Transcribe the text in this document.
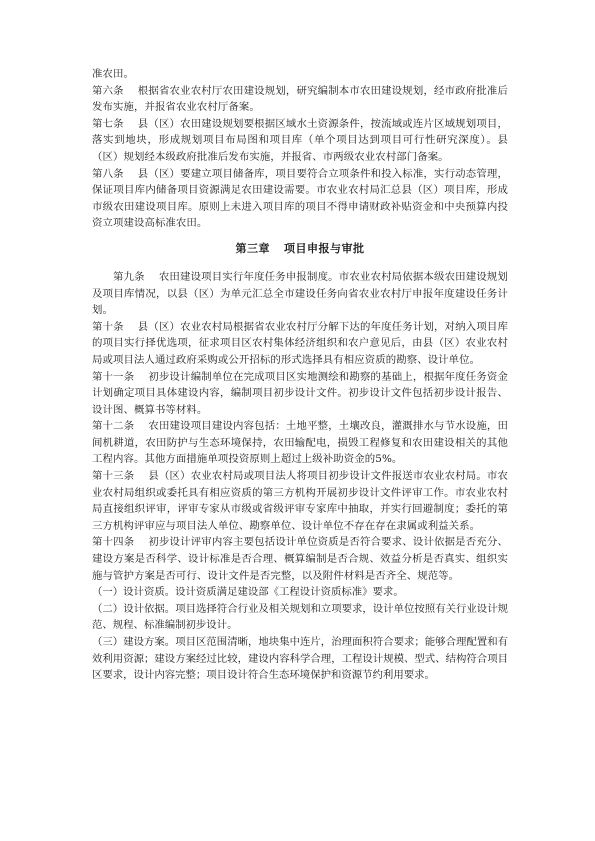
准农田。

第六条　 根据省农业农村厅农田建设规划，研究编制本市农田建设规划，经市政府批准后发布实施，并报省农业农村厅备案。

第七条　 县（区）农田建设规划要根据区域水土资源条件，按流域或连片区域规划项目，落实到地块，形成规划项目布局图和项目库（单个项目达到项目可行性研究深度）。县（区）规划经本级政府批准后发布实施，并报省、市两级农业农村部门备案。

第八条　 县（区）要建立项目储备库，项目要符合立项条件和投入标准，实行动态管理，保证项目库内储备项目资源满足农田建设需要。市农业农村局汇总县（区）项目库，形成市级农田建设项目库。原则上未进入项目库的项目不得申请财政补贴资金和中央预算内投资立项建设高标准农田。

第三章 项目申报与审批

第九条　 农田建设项目实行年度任务申报制度。市农业农村局依据本级农田建设规划及项目库情况，以县（区）为单元汇总全市建设任务向省农业农村厅申报年度建设任务计划。

第十条　 县（区）农业农村局根据省农业农村厅分解下达的年度任务计划，对纳入项目库的项目实行择优选项，征求项目区农村集体经济组织和农户意见后，由县（区）农业农村局或项目法人通过政府采购或公开招标的形式选择具有相应资质的勘察、设计单位。

第十一条　 初步设计编制单位在完成项目区实地测绘和勘察的基础上，根据年度任务资金计划确定项目具体建设内容，编制项目初步设计文件。初步设计文件包括初步设计报告、设计图、概算书等材料。

第十二条　 农田建设项目建设内容包括：土地平整，土壤改良，灌溉排水与节水设施，田间机耕道，农田防护与生态环境保持，农田输配电，损毁工程修复和农田建设相关的其他工程内容。其他方面措施单项投资原则上超过上级补助资金的5%。

第十三条　 县（区）农业农村局或项目法人将项目初步设计文件报送市农业农村局。市农业农村局组织或委托具有相应资质的第三方机构开展初步设计文件评审工作。市农业农村局直接组织评审，评审专家从市级或省级评审专家库中抽取，并实行回避制度；委托的第三方机构评审应与项目法人单位、勘察单位、设计单位不存在存在隶属或利益关系。

第十四条　 初步设计评审内容主要包括设计单位资质是否符合要求、设计依据是否充分、建设方案是否科学、设计标准是否合理、概算编制是否合规、效益分析是否真实、组织实施与管护方案是否可行、设计文件是否完整，以及附件材料是否齐全、规范等。

（一）设计资质。设计资质满足建设部《工程设计资质标准》要求。

（二）设计依据。项目选择符合行业及相关规划和立项要求，设计单位按照有关行业设计规范、规程、标准编制初步设计。

（三）建设方案。项目区范围清晰，地块集中连片，治理面积符合要求；能够合理配置和有效利用资源；建设方案经过比较，建设内容科学合理，工程设计规模、型式、结构符合项目区要求，设计内容完整；项目设计符合生态环境保护和资源节约利用要求。
